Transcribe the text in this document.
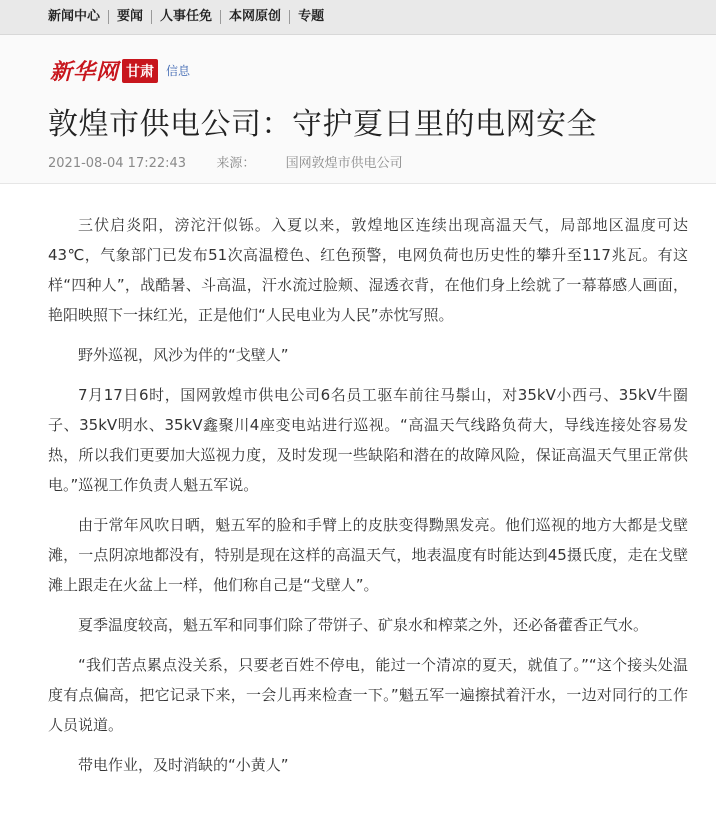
新闻中心	要闻	人事任免	本网原创	专题
新华网 甘肃	信息
敦煌市供电公司：守护夏日里的电网安全
2021-08-04 17:22:43 来源： 国网敦煌市供电公司

三伏启炎阳，滂沱汗似铄。入夏以来，敦煌地区连续出现高温天气，局部地区温度可达43℃，气象部门已发布51次高温橙色、红色预警，电网负荷也历史性的攀升至117兆瓦。有这样“四种人”，战酷暑、斗高温，汗水流过脸颊、湿透衣背，在他们身上绘就了一幕幕感人画面，艳阳映照下一抹红光，正是他们“人民电业为人民”赤忱写照。

野外巡视，风沙为伴的“戈壁人”

7月17日6时，国网敦煌市供电公司6名员工驱车前往马鬃山，对35kV小西弓、35kV牛圈子、35kV明水、35kV鑫聚川4座变电站进行巡视。“高温天气线路负荷大，导线连接处容易发热，所以我们更要加大巡视力度，及时发现一些缺陷和潜在的故障风险，保证高温天气里正常供电。”巡视工作负责人魁五军说。

由于常年风吹日晒，魁五军的脸和手臂上的皮肤变得黝黑发亮。他们巡视的地方大都是戈壁滩，一点阴凉地都没有，特别是现在这样的高温天气，地表温度有时能达到45摄氏度，走在戈壁滩上跟走在火盆上一样，他们称自己是“戈壁人”。

夏季温度较高，魁五军和同事们除了带饼子、矿泉水和榨菜之外，还必备藿香正气水。

“我们苦点累点没关系，只要老百姓不停电，能过一个清凉的夏天，就值了。”“这个接头处温度有点偏高，把它记录下来，一会儿再来检查一下。”魁五军一遍擦拭着汗水，一边对同行的工作人员说道。

带电作业，及时消缺的“小黄人”
